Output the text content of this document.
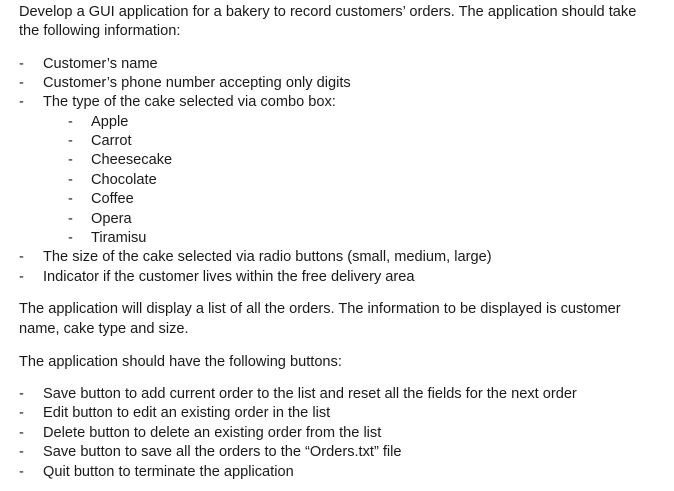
Develop a GUI application for a bakery to record customers’ orders. The application should take
the following information:
- Customer’s name
- Customer’s phone number accepting only digits
- The type of the cake selected via combo box:
- Apple
- Carrot
- Cheesecake
- Chocolate
- Coffee
- Opera
- Tiramisu
- The size of the cake selected via radio buttons (small, medium, large)
- Indicator if the customer lives within the free delivery area
The application will display a list of all the orders. The information to be displayed is customer
name, cake type and size.
The application should have the following buttons:
- Save button to add current order to the list and reset all the fields for the next order
- Edit button to edit an existing order in the list
- Delete button to delete an existing order from the list
- Save button to save all the orders to the “Orders.txt” file
- Quit button to terminate the application
